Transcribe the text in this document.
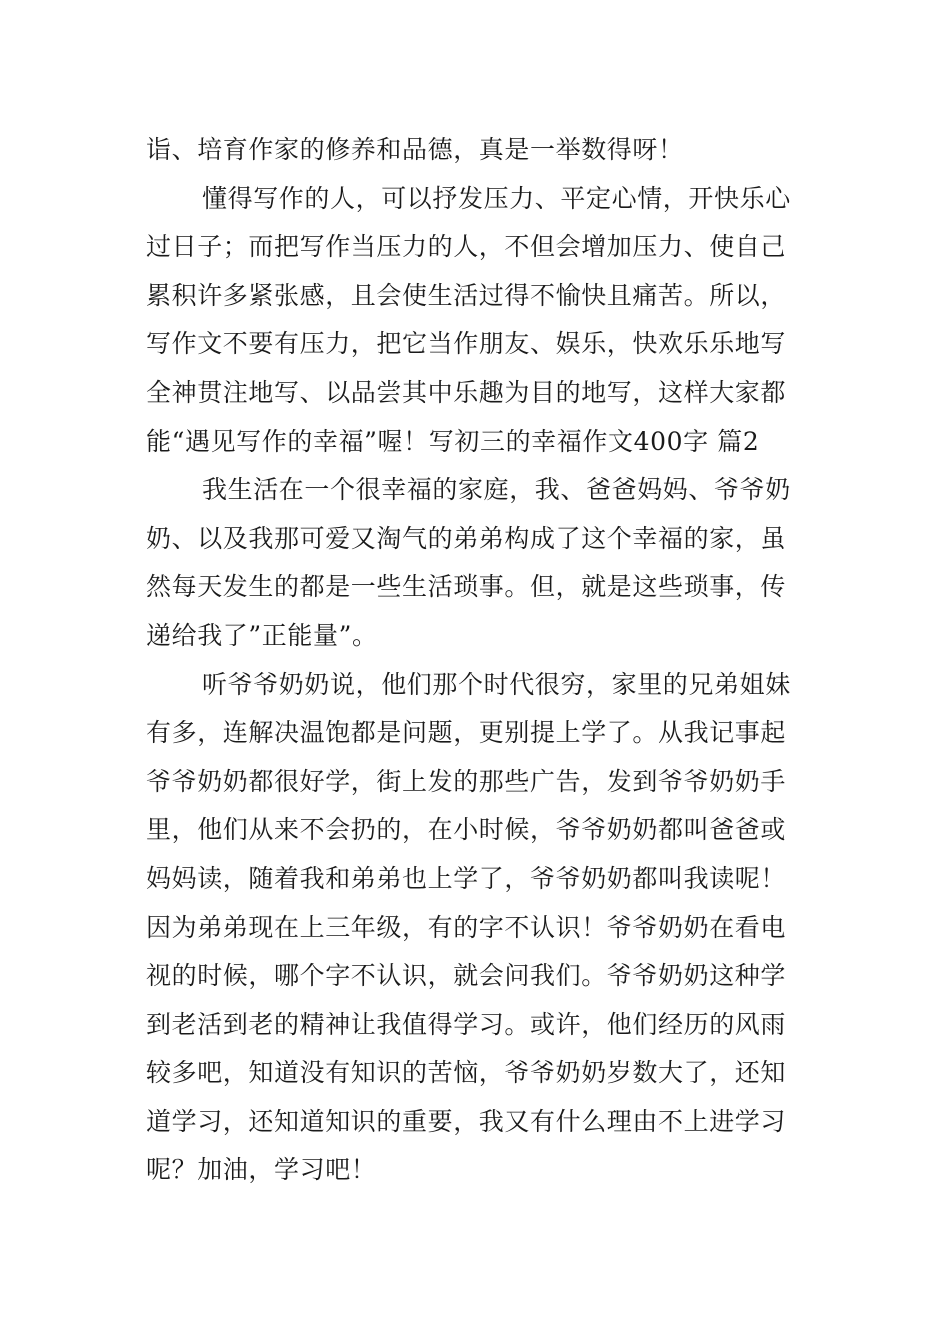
诣、培育作家的修养和品德，真是一举数得呀！
懂得写作的人，可以抒发压力、平定心情，开快乐心
过日子；而把写作当压力的人，不但会增加压力、使自己
累积许多紧张感，且会使生活过得不愉快且痛苦。所以，
写作文不要有压力，把它当作朋友、娱乐，快欢乐乐地写
全神贯注地写、以品尝其中乐趣为目的地写，这样大家都
能“遇见写作的幸福”喔！写初三的幸福作文400字 篇2
我生活在一个很幸福的家庭，我、爸爸妈妈、爷爷奶
奶、以及我那可爱又淘气的弟弟构成了这个幸福的家，虽
然每天发生的都是一些生活琐事。但，就是这些琐事，传
递给我了”正能量”。
听爷爷奶奶说，他们那个时代很穷，家里的兄弟姐妹
有多，连解决温饱都是问题，更别提上学了。从我记事起
爷爷奶奶都很好学，街上发的那些广告，发到爷爷奶奶手
里，他们从来不会扔的，在小时候，爷爷奶奶都叫爸爸或
妈妈读，随着我和弟弟也上学了，爷爷奶奶都叫我读呢！
因为弟弟现在上三年级，有的字不认识！爷爷奶奶在看电
视的时候，哪个字不认识，就会问我们。爷爷奶奶这种学
到老活到老的精神让我值得学习。或许，他们经历的风雨
较多吧，知道没有知识的苦恼，爷爷奶奶岁数大了，还知
道学习，还知道知识的重要，我又有什么理由不上进学习
呢？加油，学习吧！
